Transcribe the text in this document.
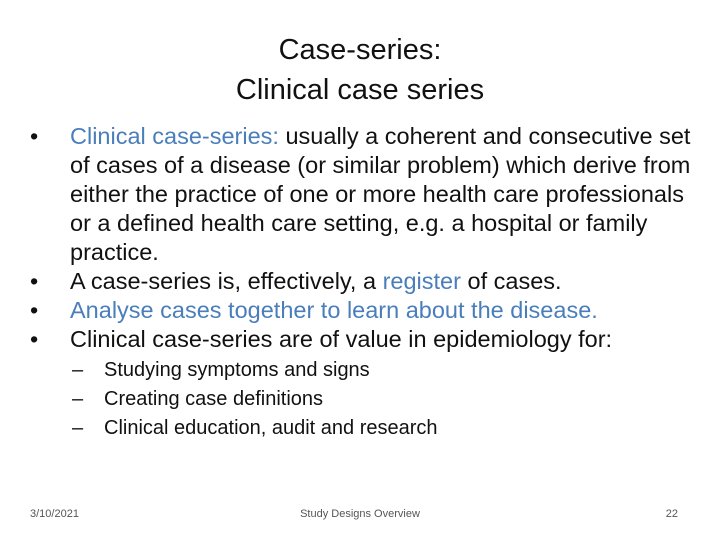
Case-series:
Clinical case series
• Clinical case-series: usually a coherent and consecutive set of cases of a disease (or similar problem) which derive from either the practice of one or more health care professionals or a defined health care setting, e.g. a hospital or family practice.
• A case-series is, effectively, a register of cases.
• Analyse cases together to learn about the disease.
• Clinical case-series are of value in epidemiology for:
– Studying symptoms and signs
– Creating case definitions
– Clinical education, audit and research
3/10/2021	Study Designs Overview	22
